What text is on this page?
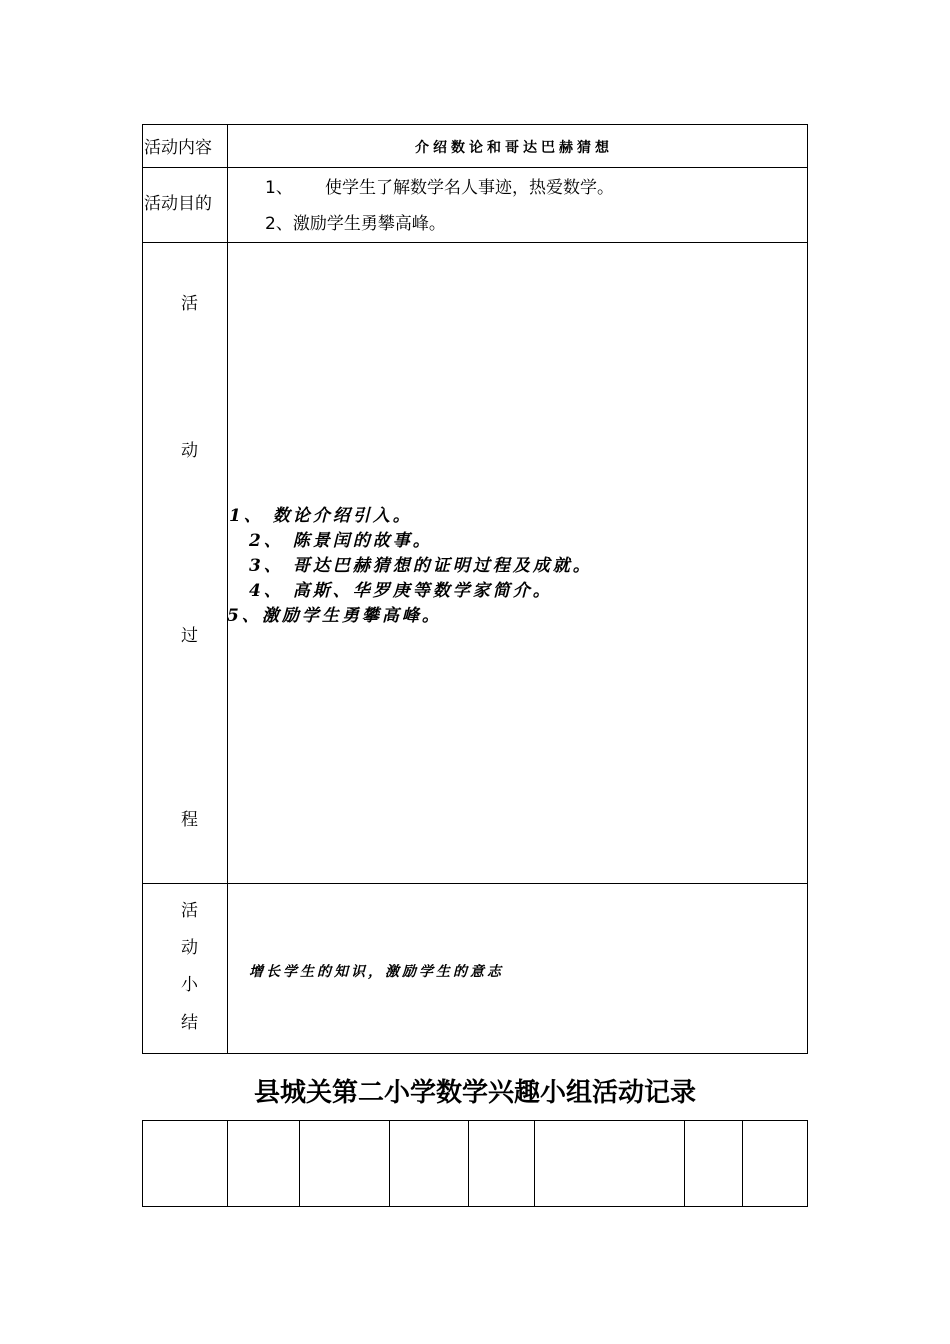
活动内容	介绍数论和哥达巴赫猜想
活动目的
1、 使学生了解数学名人事迹，热爱数学。
2、激励学生勇攀高峰。
活
动
过
程
1、 数论介绍引入。
2、 陈景闰的故事。
3、 哥达巴赫猜想的证明过程及成就。
4、 高斯、华罗庚等数学家简介。
5、激励学生勇攀高峰。
活
动
小
结
增长学生的知识，激励学生的意志
县城关第二小学数学兴趣小组活动记录
